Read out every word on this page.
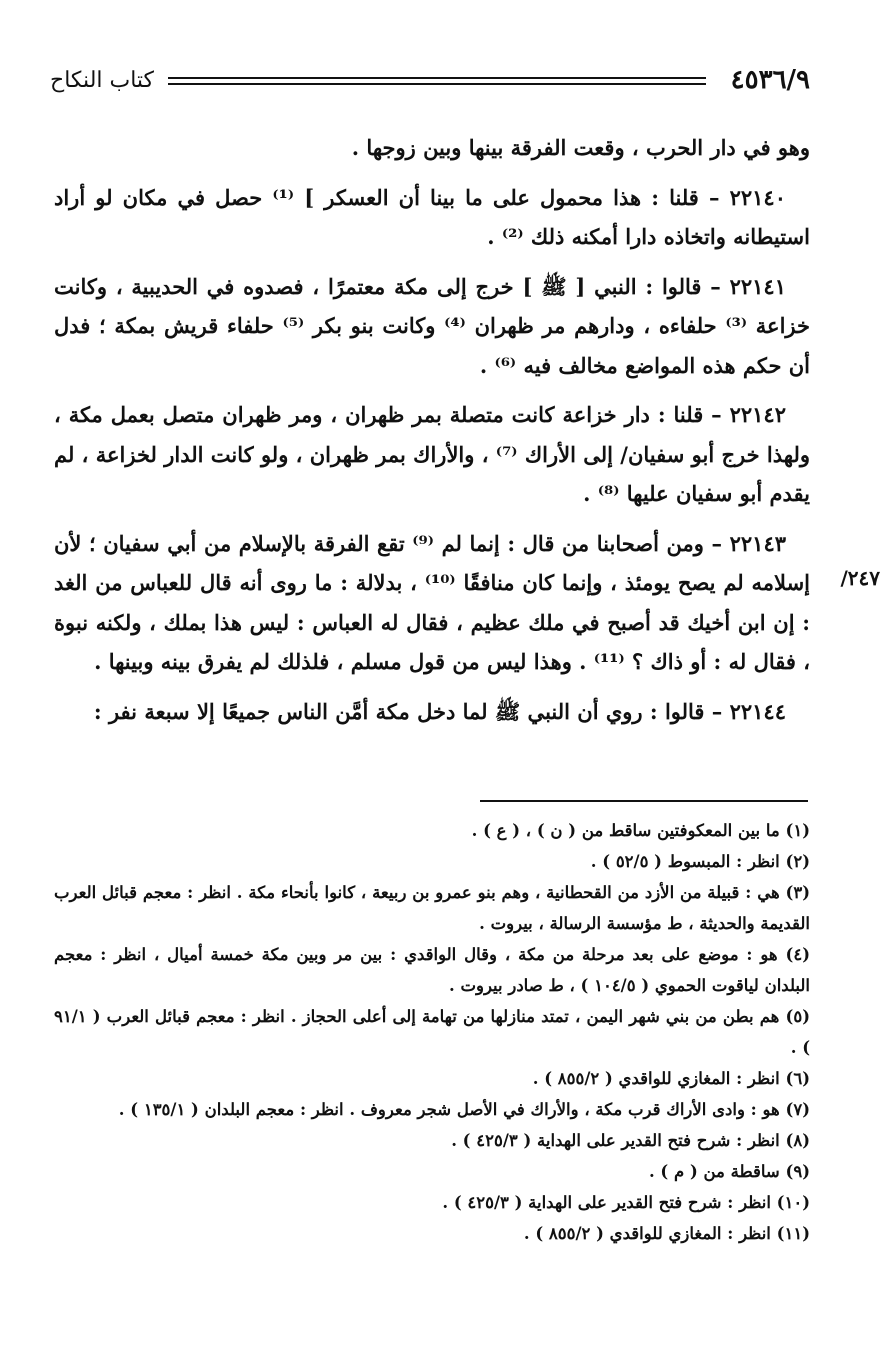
٤٥٣٦/٩
كتاب النكاح
/٢٤٧

وهو في دار الحرب ، وقعت الفرقة بينها وبين زوجها .

٢٢١٤٠ – قلنا : هذا محمول على ما بينا أن العسكر ] ⁽¹⁾ حصل في مكان لو أراد استيطانه واتخاذه دارا أمكنه ذلك ⁽²⁾ .

٢٢١٤١ – قالوا : النبي [ ﷺ ] خرج إلى مكة معتمرًا ، فصدوه في الحديبية ، وكانت خزاعة ⁽³⁾ حلفاءه ، ودارهم مر ظهران ⁽⁴⁾ وكانت بنو بكر ⁽⁵⁾ حلفاء قريش بمكة ؛ فدل أن حكم هذه المواضع مخالف فيه ⁽⁶⁾ .

٢٢١٤٢ – قلنا : دار خزاعة كانت متصلة بمر ظهران ، ومر ظهران متصل بعمل مكة ، ولهذا خرج أبو سفيان/ إلى الأراك ⁽⁷⁾ ، والأراك بمر ظهران ، ولو كانت الدار لخزاعة ، لم يقدم أبو سفيان عليها ⁽⁸⁾ .

٢٢١٤٣ – ومن أصحابنا من قال : إنما لم ⁽⁹⁾ تقع الفرقة بالإسلام من أبي سفيان ؛ لأن إسلامه لم يصح يومئذ ، وإنما كان منافقًا ⁽¹⁰⁾ ، بدلالة : ما روى أنه قال للعباس من الغد : إن ابن أخيك قد أصبح في ملك عظيم ، فقال له العباس : ليس هذا بملك ، ولكنه نبوة ، فقال له : أو ذاك ؟ ⁽¹¹⁾ . وهذا ليس من قول مسلم ، فلذلك لم يفرق بينه وبينها .

٢٢١٤٤ – قالوا : روي أن النبي ﷺ لما دخل مكة أمَّن الناس جميعًا إلا سبعة نفر :

(١) ما بين المعكوفتين ساقط من ( ن ) ، ( ع ) .

(٢) انظر : المبسوط ( ٥٢/٥ ) .

(٣) هي : قبيلة من الأزد من القحطانية ، وهم بنو عمرو بن ربيعة ، كانوا بأنحاء مكة . انظر : معجم قبائل العرب القديمة والحديثة ، ط مؤسسة الرسالة ، بيروت .

(٤) هو : موضع على بعد مرحلة من مكة ، وقال الواقدي : بين مر وبين مكة خمسة أميال ، انظر : معجم البلدان لياقوت الحموي ( ١٠٤/٥ ) ، ط صادر بيروت .

(٥) هم بطن من بني شهر اليمن ، تمتد منازلها من تهامة إلى أعلى الحجاز . انظر : معجم قبائل العرب ( ٩١/١ ) .

(٦) انظر : المغازي للواقدي ( ٨٥٥/٢ ) .

(٧) هو : وادى الأراك قرب مكة ، والأراك في الأصل شجر معروف . انظر : معجم البلدان ( ١٣٥/١ ) .

(٨) انظر : شرح فتح القدير على الهداية ( ٤٢٥/٣ ) .

(٩) ساقطة من ( م ) .

(١٠) انظر : شرح فتح القدير على الهداية ( ٤٢٥/٣ ) .

(١١) انظر : المغازي للواقدي ( ٨٥٥/٢ ) .
